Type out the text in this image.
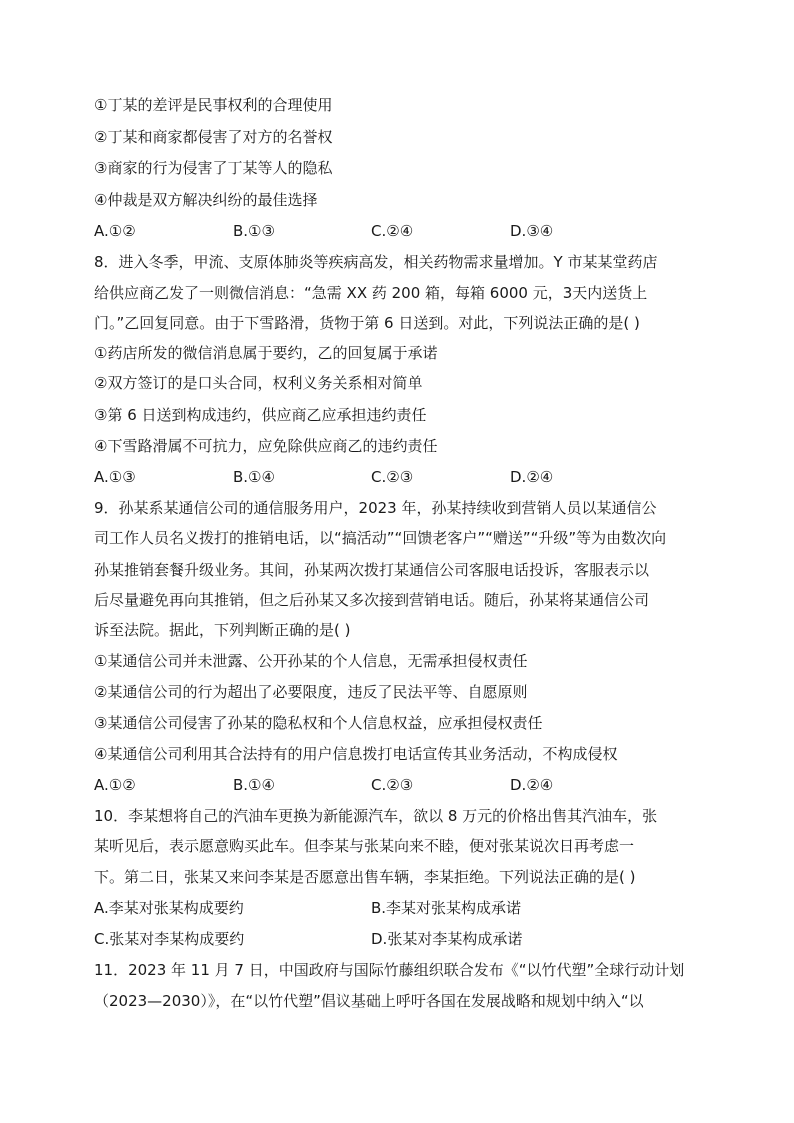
①丁某的差评是民事权利的合理使用
②丁某和商家都侵害了对方的名誉权
③商家的行为侵害了丁某等人的隐私
④仲裁是双方解决纠纷的最佳选择
A.①②	B.①③	C.②④	D.③④
8．进入冬季，甲流、支原体肺炎等疾病高发，相关药物需求量增加。Y 市某某堂药店
给供应商乙发了一则微信消息：“急需 XX 药 200 箱，每箱 6000 元，3天内送货上
门。”乙回复同意。由于下雪路滑，货物于第 6 日送到。对此，下列说法正确的是( )
①药店所发的微信消息属于要约，乙的回复属于承诺
②双方签订的是口头合同，权利义务关系相对简单
③第 6 日送到构成违约，供应商乙应承担违约责任
④下雪路滑属不可抗力，应免除供应商乙的违约责任
A.①③	B.①④	C.②③	D.②④
9．孙某系某通信公司的通信服务用户，2023 年，孙某持续收到营销人员以某通信公
司工作人员名义拨打的推销电话，以“搞活动”“回馈老客户”“赠送”“升级”等为由数次向
孙某推销套餐升级业务。其间，孙某两次拨打某通信公司客服电话投诉，客服表示以
后尽量避免再向其推销，但之后孙某又多次接到营销电话。随后，孙某将某通信公司
诉至法院。据此，下列判断正确的是( )
①某通信公司并未泄露、公开孙某的个人信息，无需承担侵权责任
②某通信公司的行为超出了必要限度，违反了民法平等、自愿原则
③某通信公司侵害了孙某的隐私权和个人信息权益，应承担侵权责任
④某通信公司利用其合法持有的用户信息拨打电话宣传其业务活动，不构成侵权
A.①②	B.①④	C.②③	D.②④
10．李某想将自己的汽油车更换为新能源汽车，欲以 8 万元的价格出售其汽油车，张
某听见后，表示愿意购买此车。但李某与张某向来不睦，便对张某说次日再考虑一
下。第二日，张某又来问李某是否愿意出售车辆，李某拒绝。下列说法正确的是( )
A.李某对张某构成要约	B.李某对张某构成承诺
C.张某对李某构成要约	D.张某对李某构成承诺
11．2023 年 11 月 7 日，中国政府与国际竹藤组织联合发布《“以竹代塑”全球行动计划
（2023—2030）》，在“以竹代塑”倡议基础上呼吁各国在发展战略和规划中纳入“以
